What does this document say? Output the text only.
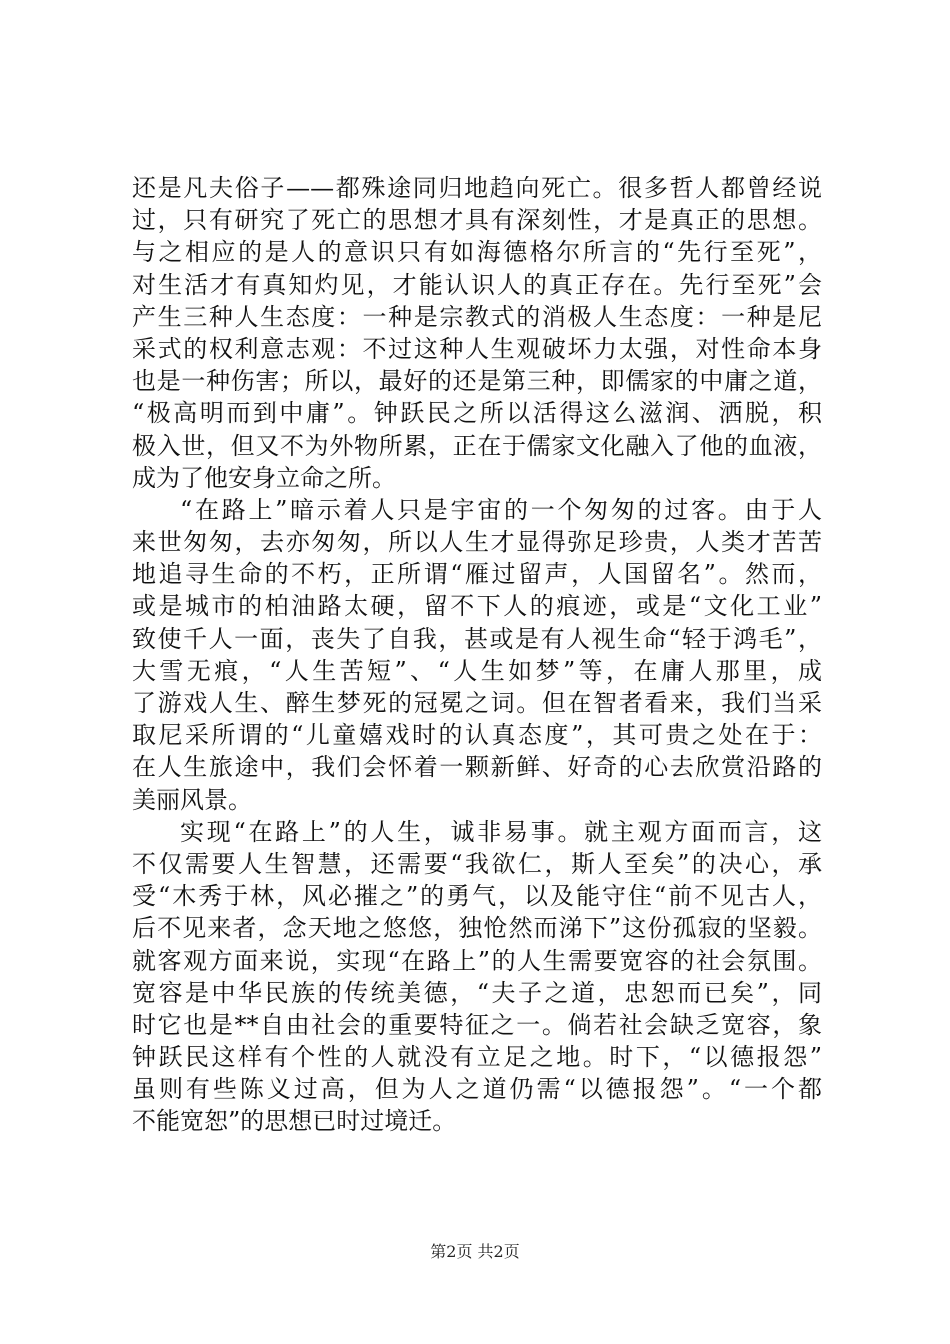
还是凡夫俗子——都殊途同归地趋向死亡。很多哲人都曾经说
过，只有研究了死亡的思想才具有深刻性，才是真正的思想。
与之相应的是人的意识只有如海德格尔所言的“先行至死”，
对生活才有真知灼见，才能认识人的真正存在。先行至死”会
产生三种人生态度：一种是宗教式的消极人生态度：一种是尼
采式的权利意志观：不过这种人生观破坏力太强，对性命本身
也是一种伤害；所以，最好的还是第三种，即儒家的中庸之道，
“极高明而到中庸”。钟跃民之所以活得这么滋润、洒脱，积
极入世，但又不为外物所累，正在于儒家文化融入了他的血液，
成为了他安身立命之所。
“在路上”暗示着人只是宇宙的一个匆匆的过客。由于人
来世匆匆，去亦匆匆，所以人生才显得弥足珍贵，人类才苦苦
地追寻生命的不朽，正所谓“雁过留声，人国留名”。然而，
或是城市的柏油路太硬，留不下人的痕迹，或是“文化工业”
致使千人一面，丧失了自我，甚或是有人视生命“轻于鸿毛”，
大雪无痕，“人生苦短”、“人生如梦”等，在庸人那里，成
了游戏人生、醉生梦死的冠冕之词。但在智者看来，我们当采
取尼采所谓的“儿童嬉戏时的认真态度”，其可贵之处在于：
在人生旅途中，我们会怀着一颗新鲜、好奇的心去欣赏沿路的
美丽风景。
实现“在路上”的人生，诚非易事。就主观方面而言，这
不仅需要人生智慧，还需要“我欲仁，斯人至矣”的决心，承
受“木秀于林，风必摧之”的勇气，以及能守住“前不见古人，
后不见来者，念天地之悠悠，独怆然而涕下”这份孤寂的坚毅。
就客观方面来说，实现“在路上”的人生需要宽容的社会氛围。
宽容是中华民族的传统美德，“夫子之道，忠恕而已矣”，同
时它也是**自由社会的重要特征之一。倘若社会缺乏宽容，象
钟跃民这样有个性的人就没有立足之地。时下，“以德报怨”
虽则有些陈义过高，但为人之道仍需“以德报怨”。“一个都
不能宽恕”的思想已时过境迁。
第2页 共2页
